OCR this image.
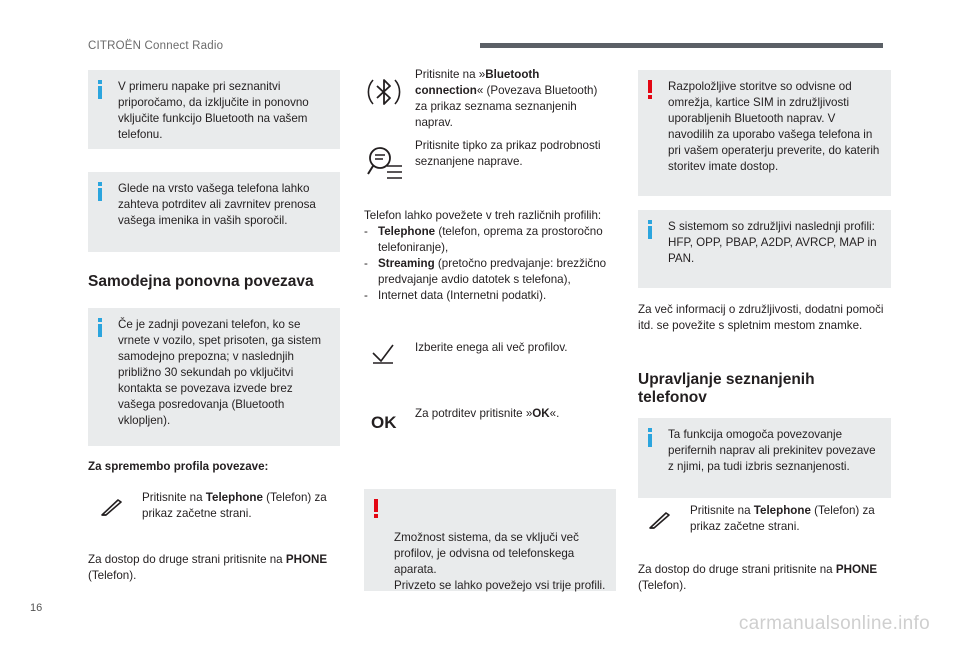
CITROËN Connect Radio
V primeru napake pri seznanitvi priporočamo, da izključite in ponovno vključite funkcijo Bluetooth na vašem telefonu.
Glede na vrsto vašega telefona lahko zahteva potrditev ali zavrnitev prenosa vašega imenika in vaših sporočil.
Samodejna ponovna povezava
Če je zadnji povezani telefon, ko se vrnete v vozilo, spet prisoten, ga sistem samodejno prepozna; v naslednjih približno 30 sekundah po vključitvi kontakta se povezava izvede brez vašega posredovanja (Bluetooth vklopljen).
Za spremembo profila povezave:
Pritisnite na Telephone (Telefon) za prikaz začetne strani.
Za dostop do druge strani pritisnite na PHONE (Telefon).
Pritisnite na »Bluetooth connection« (Povezava Bluetooth) za prikaz seznama seznanjenih naprav.
Pritisnite tipko za prikaz podrobnosti seznanjene naprave.
Telefon lahko povežete v treh različnih profilih:
- Telephone (telefon, oprema za prostoročno telefoniranje),
- Streaming (pretočno predvajanje: brezžično predvajanje avdio datotek s telefona),
- Internet data (Internetni podatki).
Izberite enega ali več profilov.
OK Za potrditev pritisnite »OK«.

Zmožnost sistema, da se vključi več profilov, je odvisna od telefonskega aparata.
Privzeto se lahko povežejo vsi trije profili.

Razpoložljive storitve so odvisne od omrežja, kartice SIM in združljivosti uporabljenih Bluetooth naprav. V navodilih za uporabo vašega telefona in pri vašem operaterju preverite, do katerih storitev imate dostop.
S sistemom so združljivi naslednji profili: HFP, OPP, PBAP, A2DP, AVRCP, MAP in PAN.
Za več informacij o združljivosti, dodatni pomoči itd. se povežite s spletnim mestom znamke.
Upravljanje seznanjenih telefonov
Ta funkcija omogoča povezovanje perifernih naprav ali prekinitev povezave z njimi, pa tudi izbris seznanjenosti.
Pritisnite na Telephone (Telefon) za prikaz začetne strani.
Za dostop do druge strani pritisnite na PHONE (Telefon).
16
carmanualsonline.info
